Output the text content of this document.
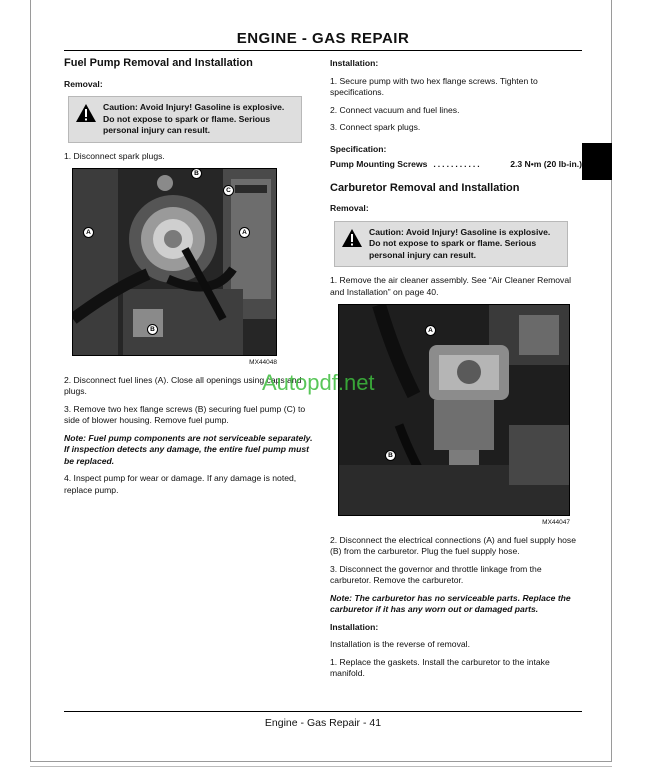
ENGINE - GAS REPAIR
Fuel Pump Removal and Installation
Removal:
Caution: Avoid Injury! Gasoline is explosive. Do not expose to spark or flame. Serious personal injury can result.

1. Disconnect spark plugs.

B
C
A	A
B
MX44048

2. Disconnect fuel lines (A). Close all openings using caps and plugs.

3. Remove two hex flange screws (B) securing fuel pump (C) to side of blower housing. Remove fuel pump.

Note: Fuel pump components are not serviceable separately. If inspection detects any damage, the entire fuel pump must be replaced.

4. Inspect pump for wear or damage. If any damage is noted, replace pump.

Installation:

1. Secure pump with two hex flange screws. Tighten to specifications.

2. Connect vacuum and fuel lines.

3. Connect spark plugs.

Specification:
Pump Mounting Screws ...........	2.3 N•m (20 lb-in.)
Carburetor Removal and Installation
Removal:
Caution: Avoid Injury! Gasoline is explosive. Do not expose to spark or flame. Serious personal injury can result.

1. Remove the air cleaner assembly. See “Air Cleaner Removal and Installation” on page 40.

A
B
MX44047

2. Disconnect the electrical connections (A) and fuel supply hose (B) from the carburetor. Plug the fuel supply hose.

3. Disconnect the governor and throttle linkage from the carburetor. Remove the carburetor.

Note: The carburetor has no serviceable parts. Replace the carburetor if it has any worn out or damaged parts.

Installation:

Installation is the reverse of removal.

1. Replace the gaskets. Install the carburetor to the intake manifold.

Autopdf.net
Engine - Gas Repair - 41
